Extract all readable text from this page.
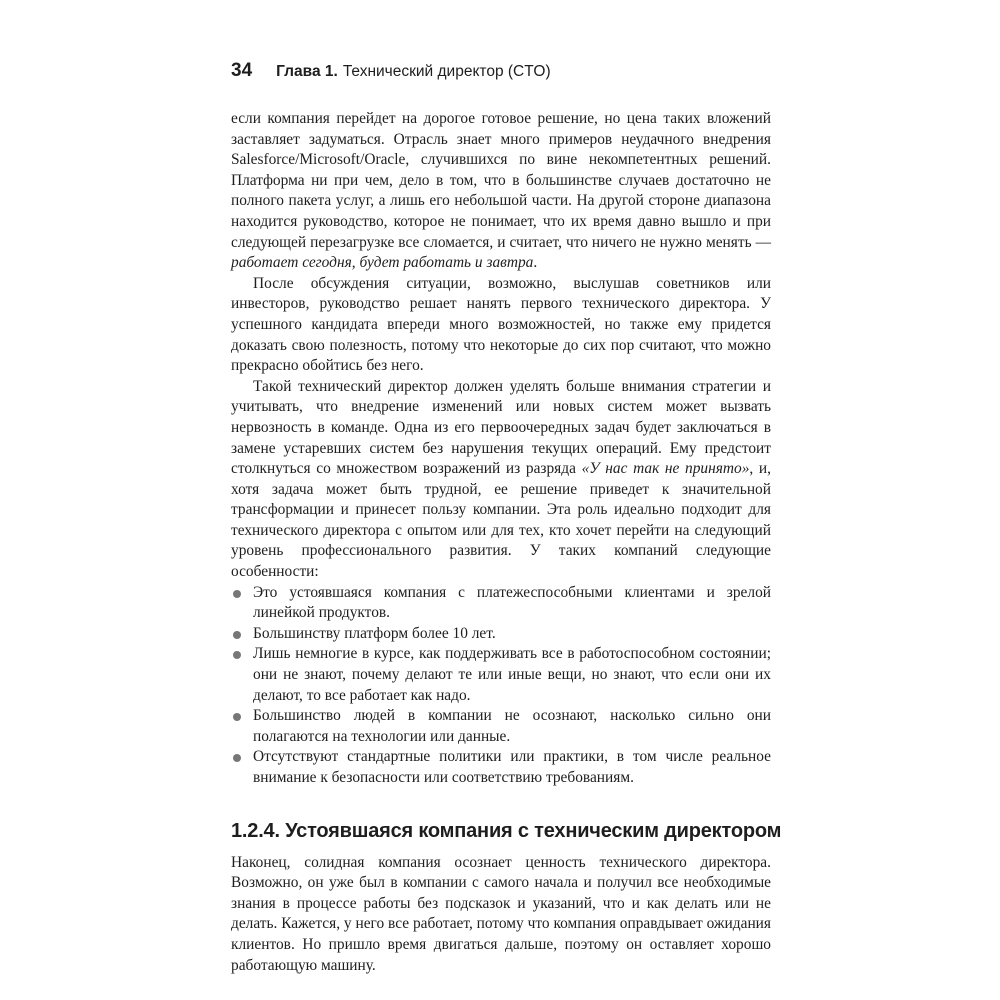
34 Глава 1. Технический директор (CTO)

если компания перейдет на дорогое готовое решение, но цена таких вложений заставляет задуматься. Отрасль знает много примеров неудачного внедрения Salesforce/Microsoft/Oracle, случившихся по вине некомпетентных решений. Платформа ни при чем, дело в том, что в большинстве случаев достаточно не полного пакета услуг, а лишь его небольшой части. На другой стороне диапазона находится руководство, которое не понимает, что их время давно вышло и при следующей перезагрузке все сломается, и считает, что ничего не нужно менять — работает сегодня, будет работать и завтра.

После обсуждения ситуации, возможно, выслушав советников или инвесторов, руководство решает нанять первого технического директора. У успешного кандидата впереди много возможностей, но также ему придется доказать свою полезность, потому что некоторые до сих пор считают, что можно прекрасно обойтись без него.

Такой технический директор должен уделять больше внимания стратегии и учитывать, что внедрение изменений или новых систем может вызвать нервозность в команде. Одна из его первоочередных задач будет заключаться в замене устаревших систем без нарушения текущих операций. Ему предстоит столкнуться со множеством возражений из разряда «У нас так не принято», и, хотя задача может быть трудной, ее решение приведет к значительной трансформации и принесет пользу компании. Эта роль идеально подходит для технического директора с опытом или для тех, кто хочет перейти на следующий уровень профессионального развития. У таких компаний следующие особенности:

Это устоявшаяся компания с платежеспособными клиентами и зрелой линейкой продуктов.
Большинству платформ более 10 лет.
Лишь немногие в курсе, как поддерживать все в работоспособном состоянии; они не знают, почему делают те или иные вещи, но знают, что если они их делают, то все работает как надо.
Большинство людей в компании не осознают, насколько сильно они полагаются на технологии или данные.
Отсутствуют стандартные политики или практики, в том числе реальное внимание к безопасности или соответствию требованиям.
1.2.4. Устоявшаяся компания с техническим директором

Наконец, солидная компания осознает ценность технического директора. Возможно, он уже был в компании с самого начала и получил все необходимые знания в процессе работы без подсказок и указаний, что и как делать или не делать. Кажется, у него все работает, потому что компания оправдывает ожидания клиентов. Но пришло время двигаться дальше, поэтому он оставляет хорошо работающую машину.
